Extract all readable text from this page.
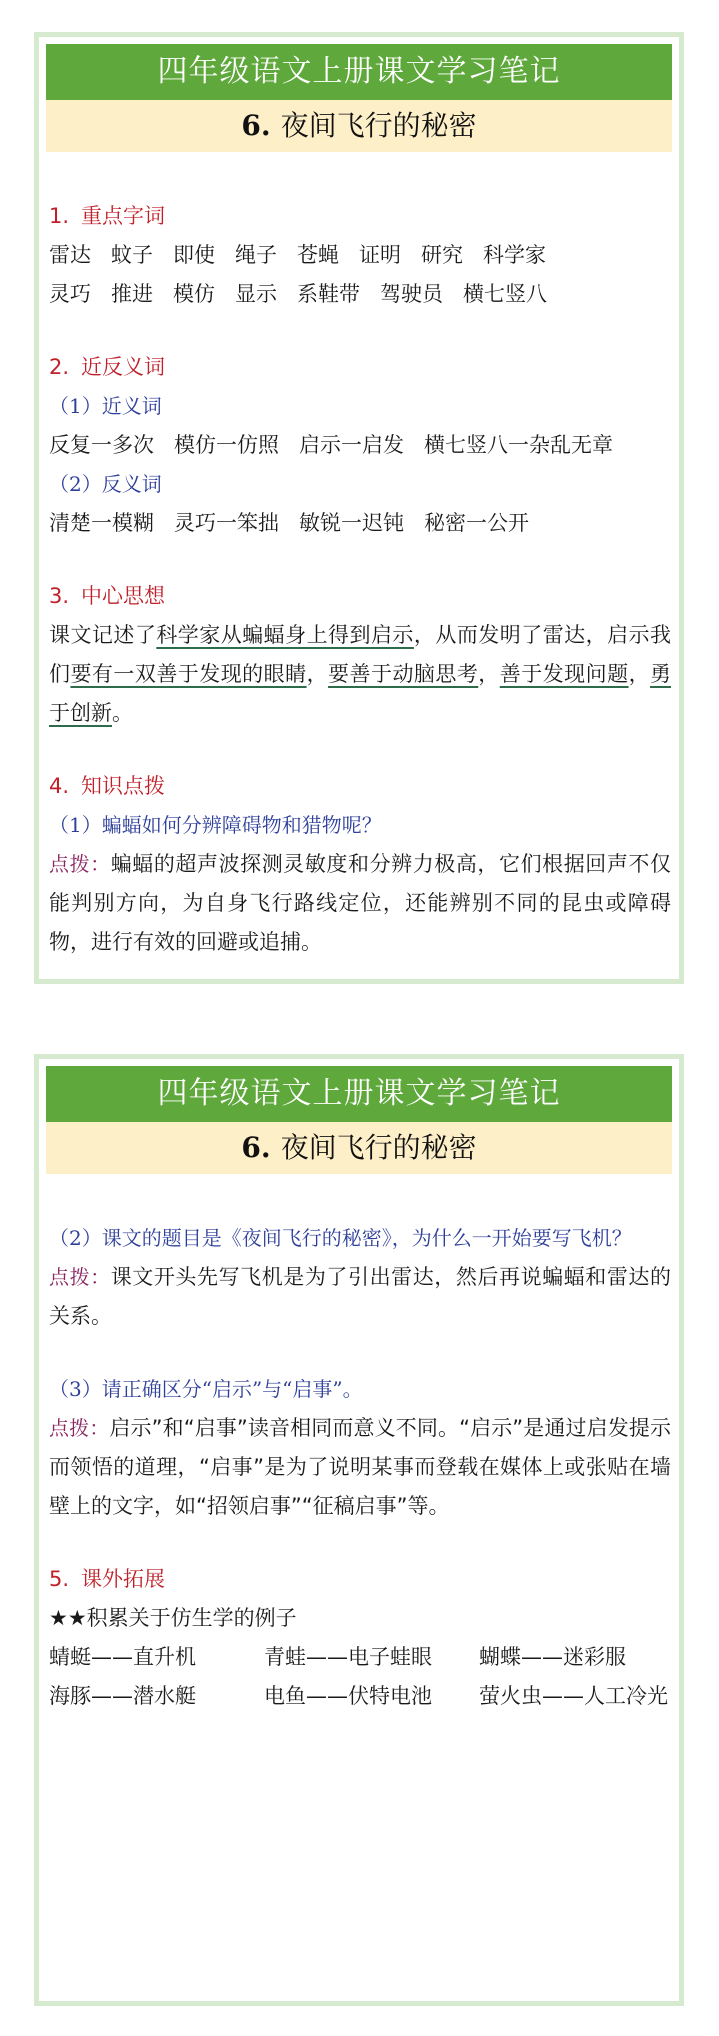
四年级语文上册课文学习笔记
6. 夜间飞行的秘密
1. 重点字词
雷达 蚊子 即使 绳子 苍蝇 证明 研究 科学家
灵巧 推进 模仿 显示 系鞋带 驾驶员 横七竖八
2. 近反义词
（1）近义词
反复一多次 模仿一仿照 启示一启发 横七竖八一杂乱无章
（2）反义词
清楚一模糊 灵巧一笨拙 敏锐一迟钝 秘密一公开
3. 中心思想
课文记述了科学家从蝙蝠身上得到启示，从而发明了雷达，启示我们要有一双善于发现的眼睛，要善于动脑思考，善于发现问题，勇于创新。
4. 知识点拨
（1）蝙蝠如何分辨障碍物和猎物呢？
点拨：蝙蝠的超声波探测灵敏度和分辨力极高，它们根据回声不仅能判别方向，为自身飞行路线定位，还能辨别不同的昆虫或障碍物，进行有效的回避或追捕。
四年级语文上册课文学习笔记
6. 夜间飞行的秘密
（2）课文的题目是《夜间飞行的秘密》，为什么一开始要写飞机？
点拨：课文开头先写飞机是为了引出雷达，然后再说蝙蝠和雷达的关系。
（3）请正确区分“启示”与“启事”。
点拨：启示”和“启事”读音相同而意义不同。“启示”是通过启发提示而领悟的道理，“启事”是为了说明某事而登载在媒体上或张贴在墙壁上的文字，如“招领启事”“征稿启事”等。
5. 课外拓展
★★积累关于仿生学的例子
蜻蜓——直升机	青蛙——电子蛙眼 蝴蝶——迷彩服
海豚——潜水艇	电鱼——伏特电池 萤火虫——人工冷光
